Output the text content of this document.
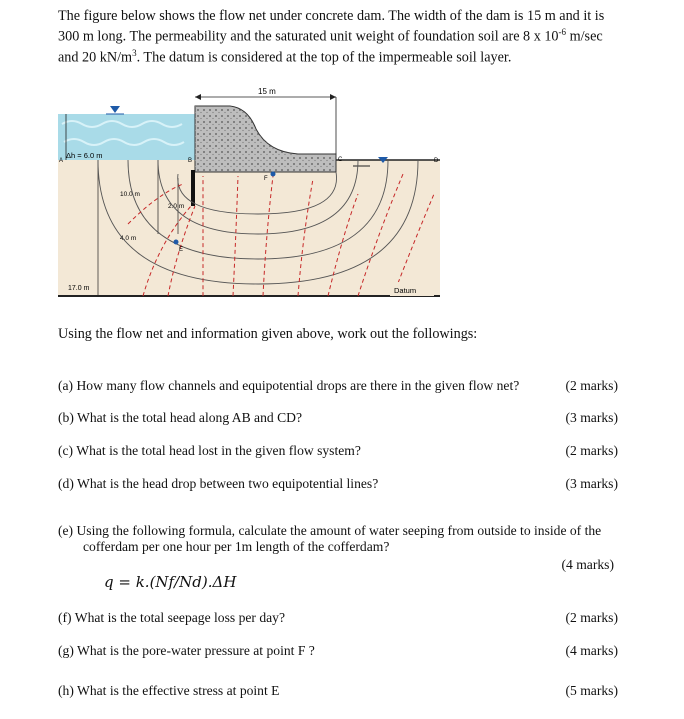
The figure below shows the flow net under concrete dam. The width of the dam is 15 m and it is
300 m long. The permeability and the saturated unit weight of foundation soil are 8 x $10^{-6}$ m/sec
and 20 $kN/m^3$. The datum is considered at the top of the impermeable soil layer.
15 m
Δh = 6.0 m
A	B	C	D
10.0 m
2.0 m
4.0 m
17.0 m
E
F
Datum
Using the flow net and information given above, work out the followings:
(a) How many flow channels and equipotential drops are there in the given flow net?	(2 marks)
(b) What is the total head along AB and CD?	(3 marks)
(c) What is the total head lost in the given flow system?	(2 marks)
(d) What is the head drop between two equipotential lines?	(3 marks)
(e) Using the following formula, calculate the amount of water seeping from outside to inside of the cofferdam per one hour per 1m length of the cofferdam?
(4 marks)
q = k.(Nf/Nd).ΔH
(f) What is the total seepage loss per day?	(2 marks)
(g) What is the pore-water pressure at point F ?	(4 marks)
(h) What is the effective stress at point E	(5 marks)
